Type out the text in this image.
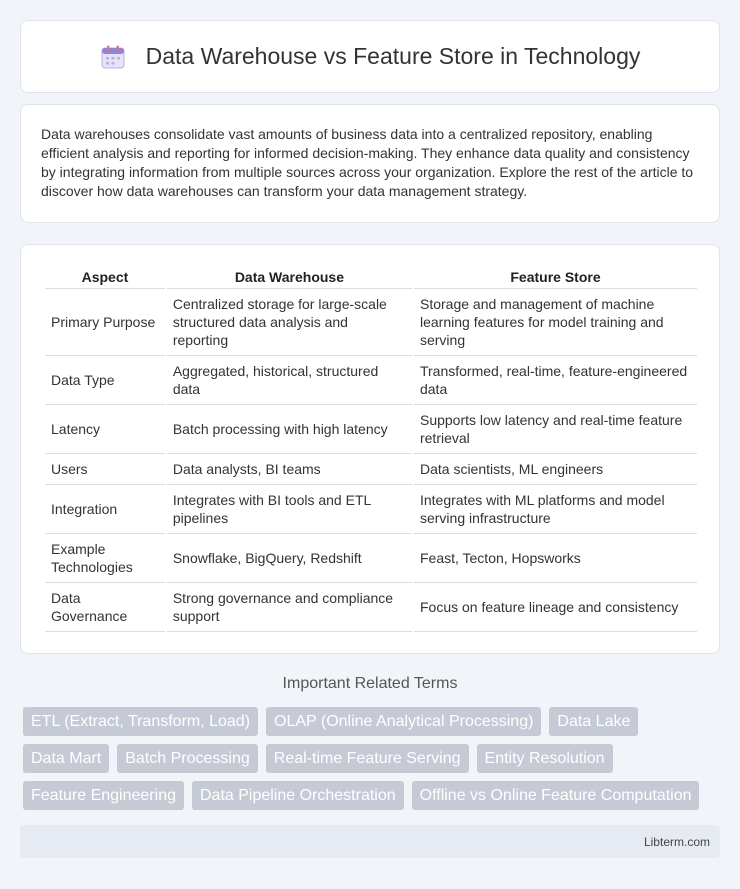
Data Warehouse vs Feature Store in Technology

Data warehouses consolidate vast amounts of business data into a centralized repository, enabling efficient analysis and reporting for informed decision-making. They enhance data quality and consistency by integrating information from multiple sources across your organization. Explore the rest of the article to discover how data warehouses can transform your data management strategy.

Aspect	Data Warehouse	Feature Store
Primary Purpose	Centralized storage for large-scale structured data analysis and reporting	Storage and management of machine learning features for model training and serving
Data Type	Aggregated, historical, structured data	Transformed, real-time, feature-engineered data
Latency	Batch processing with high latency	Supports low latency and real-time feature retrieval
Users	Data analysts, BI teams	Data scientists, ML engineers
Integration	Integrates with BI tools and ETL pipelines	Integrates with ML platforms and model serving infrastructure
Example Technologies	Snowflake, BigQuery, Redshift	Feast, Tecton, Hopsworks
Data Governance	Strong governance and compliance support	Focus on feature lineage and consistency
Important Related Terms
ETL (Extract, Transform, Load)	OLAP (Online Analytical Processing)	Data Lake
Data Mart	Batch Processing	Real-time Feature Serving	Entity Resolution
Feature Engineering	Data Pipeline Orchestration	Offline vs Online Feature Computation
Libterm.com
